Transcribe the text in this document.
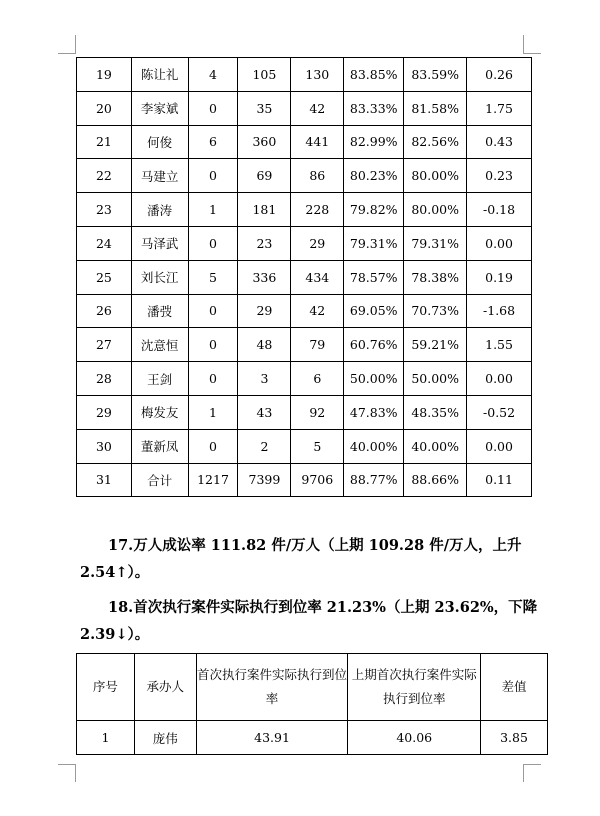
19	陈让礼	4	105	130	83.85%	83.59%	0.26
20	李家斌	0	35	42	83.33%	81.58%	1.75
21	何俊	6	360	441	82.99%	82.56%	0.43
22	马建立	0	69	86	80.23%	80.00%	0.23
23	潘涛	1	181	228	79.82%	80.00%	-0.18
24	马泽武	0	23	29	79.31%	79.31%	0.00
25	刘长江	5	336	434	78.57%	78.38%	0.19
26	潘弢	0	29	42	69.05%	70.73%	-1.68
27	沈意恒	0	48	79	60.76%	59.21%	1.55
28	王剑	0	3	6	50.00%	50.00%	0.00
29	梅发友	1	43	92	47.83%	48.35%	-0.52
30	董新凤	0	2	5	40.00%	40.00%	0.00
31	合计	1217	7399	9706	88.77%	88.66%	0.11
17.万人成讼率 111.82 件/万人（上期 109.28 件/万人，上升 2.54↑）。
18.首次执行案件实际执行到位率 21.23%（上期 23.62%，下降 2.39↓）。
序号	承办人	首次执行案件实际执行到位率	上期首次执行案件实际执行到位率	差值
1	庞伟	43.91	40.06	3.85
